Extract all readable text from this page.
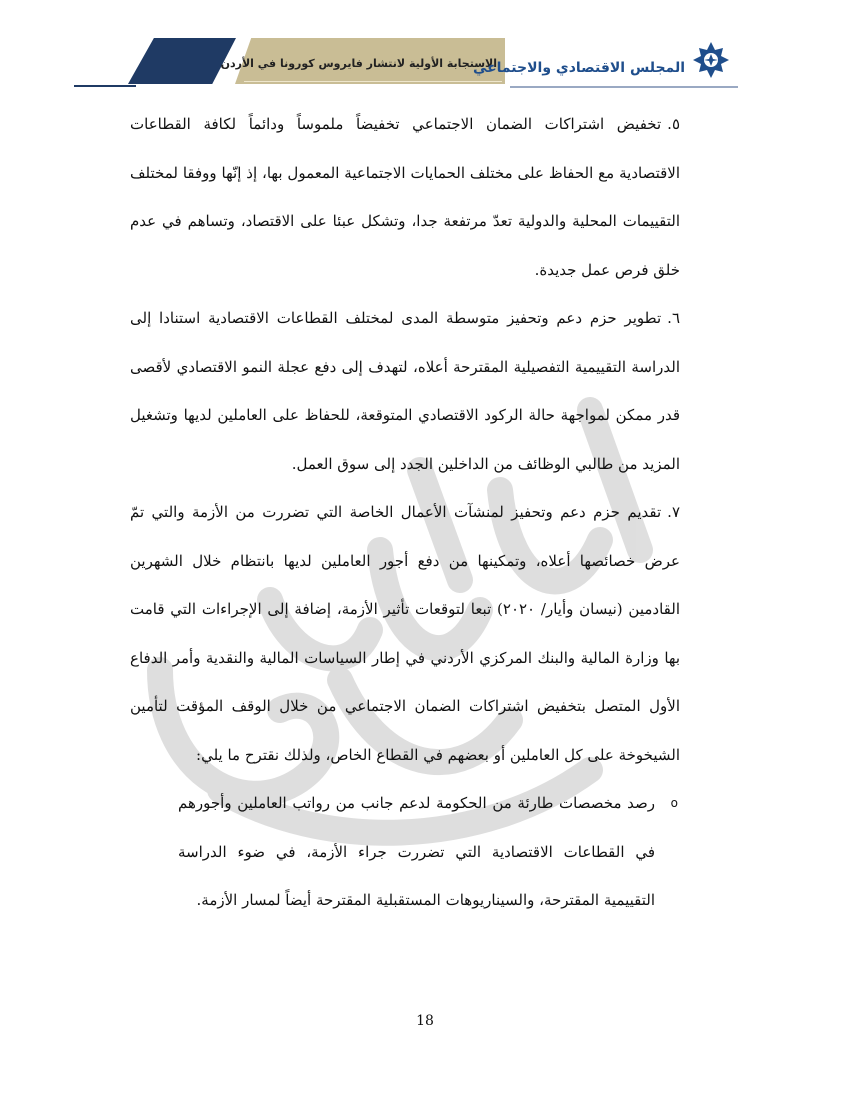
الاستجابة الأولية لانتشار فايروس كورونا في الأردن
المجلس الاقتصادي والاجتماعي

٥.تخفيض اشتراكات الضمان الاجتماعي تخفيضاً ملموساً ودائماً لكافة القطاعات الاقتصادية مع الحفاظ على مختلف الحمايات الاجتماعية المعمول بها، إذ إنّها ووفقا لمختلف التقييمات المحلية والدولية تعدّ مرتفعة جدا، وتشكل عبئا على الاقتصاد، وتساهم في عدم خلق فرص عمل جديدة.

٦.تطوير حزم دعم وتحفيز متوسطة المدى لمختلف القطاعات الاقتصادية استنادا إلى الدراسة التقييمية التفصيلية المقترحة أعلاه، لتهدف إلى دفع عجلة النمو الاقتصادي لأقصى قدر ممكن لمواجهة حالة الركود الاقتصادي المتوقعة، للحفاظ على العاملين لديها وتشغيل المزيد من طالبي الوظائف من الداخلين الجدد إلى سوق العمل.

٧.تقديم حزم دعم وتحفيز لمنشآت الأعمال الخاصة التي تضررت من الأزمة والتي تمّ عرض خصائصها أعلاه، وتمكينها من دفع أجور العاملين لديها بانتظام خلال الشهرين القادمين (نيسان وأيار/ ٢٠٢٠) تبعا لتوقعات تأثير الأزمة، إضافة إلى الإجراءات التي قامت بها وزارة المالية والبنك المركزي الأردني في إطار السياسات المالية والنقدية وأمر الدفاع الأول المتصل بتخفيض اشتراكات الضمان الاجتماعي من خلال الوقف المؤقت لتأمين الشيخوخة على كل العاملين أو بعضهم في القطاع الخاص، ولذلك نقترح ما يلي:

o
رصد مخصصات طارئة من الحكومة لدعم جانب من رواتب العاملين وأجورهم في القطاعات الاقتصادية التي تضررت جراء الأزمة، في ضوء الدراسة التقييمية المقترحة، والسيناريوهات المستقبلية المقترحة أيضاً لمسار الأزمة.

18
